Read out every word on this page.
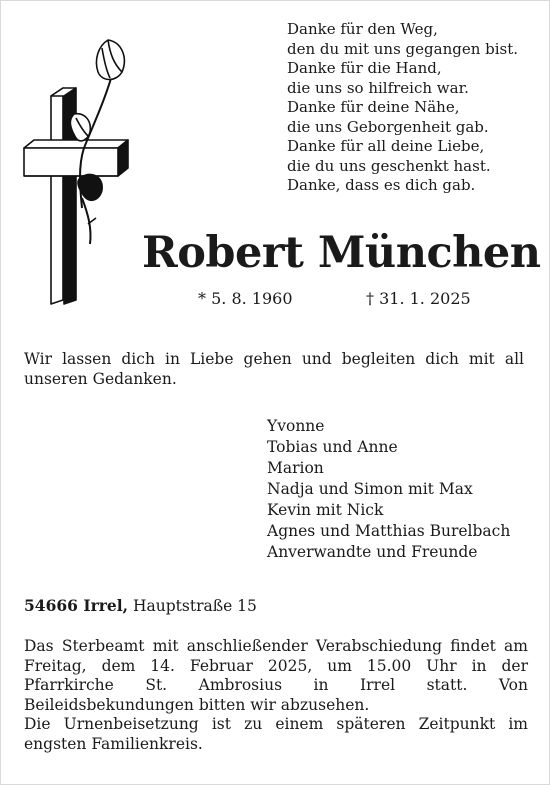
Danke für den Weg,
den du mit uns gegangen bist.
Danke für die Hand,
die uns so hilfreich war.
Danke für deine Nähe,
die uns Geborgenheit gab.
Danke für all deine Liebe,
die du uns geschenkt hast.
Danke, dass es dich gab.
Robert München
* 5. 8. 1960	† 31. 1. 2025
Wir lassen dich in Liebe gehen und begleiten dich mit all unseren Gedanken.
Yvonne
Tobias und Anne
Marion
Nadja und Simon mit Max
Kevin mit Nick
Agnes und Matthias Burelbach
Anverwandte und Freunde
54666 Irrel, Hauptstraße 15

Das Sterbeamt mit anschließender Verabschiedung findet am Freitag, dem 14. Februar 2025, um 15.00 Uhr in der Pfarrkirche St. Ambrosius in Irrel statt. Von Beileidsbekundungen bitten wir abzusehen.

Die Urnenbeisetzung ist zu einem späteren Zeitpunkt im engsten Familienkreis.
